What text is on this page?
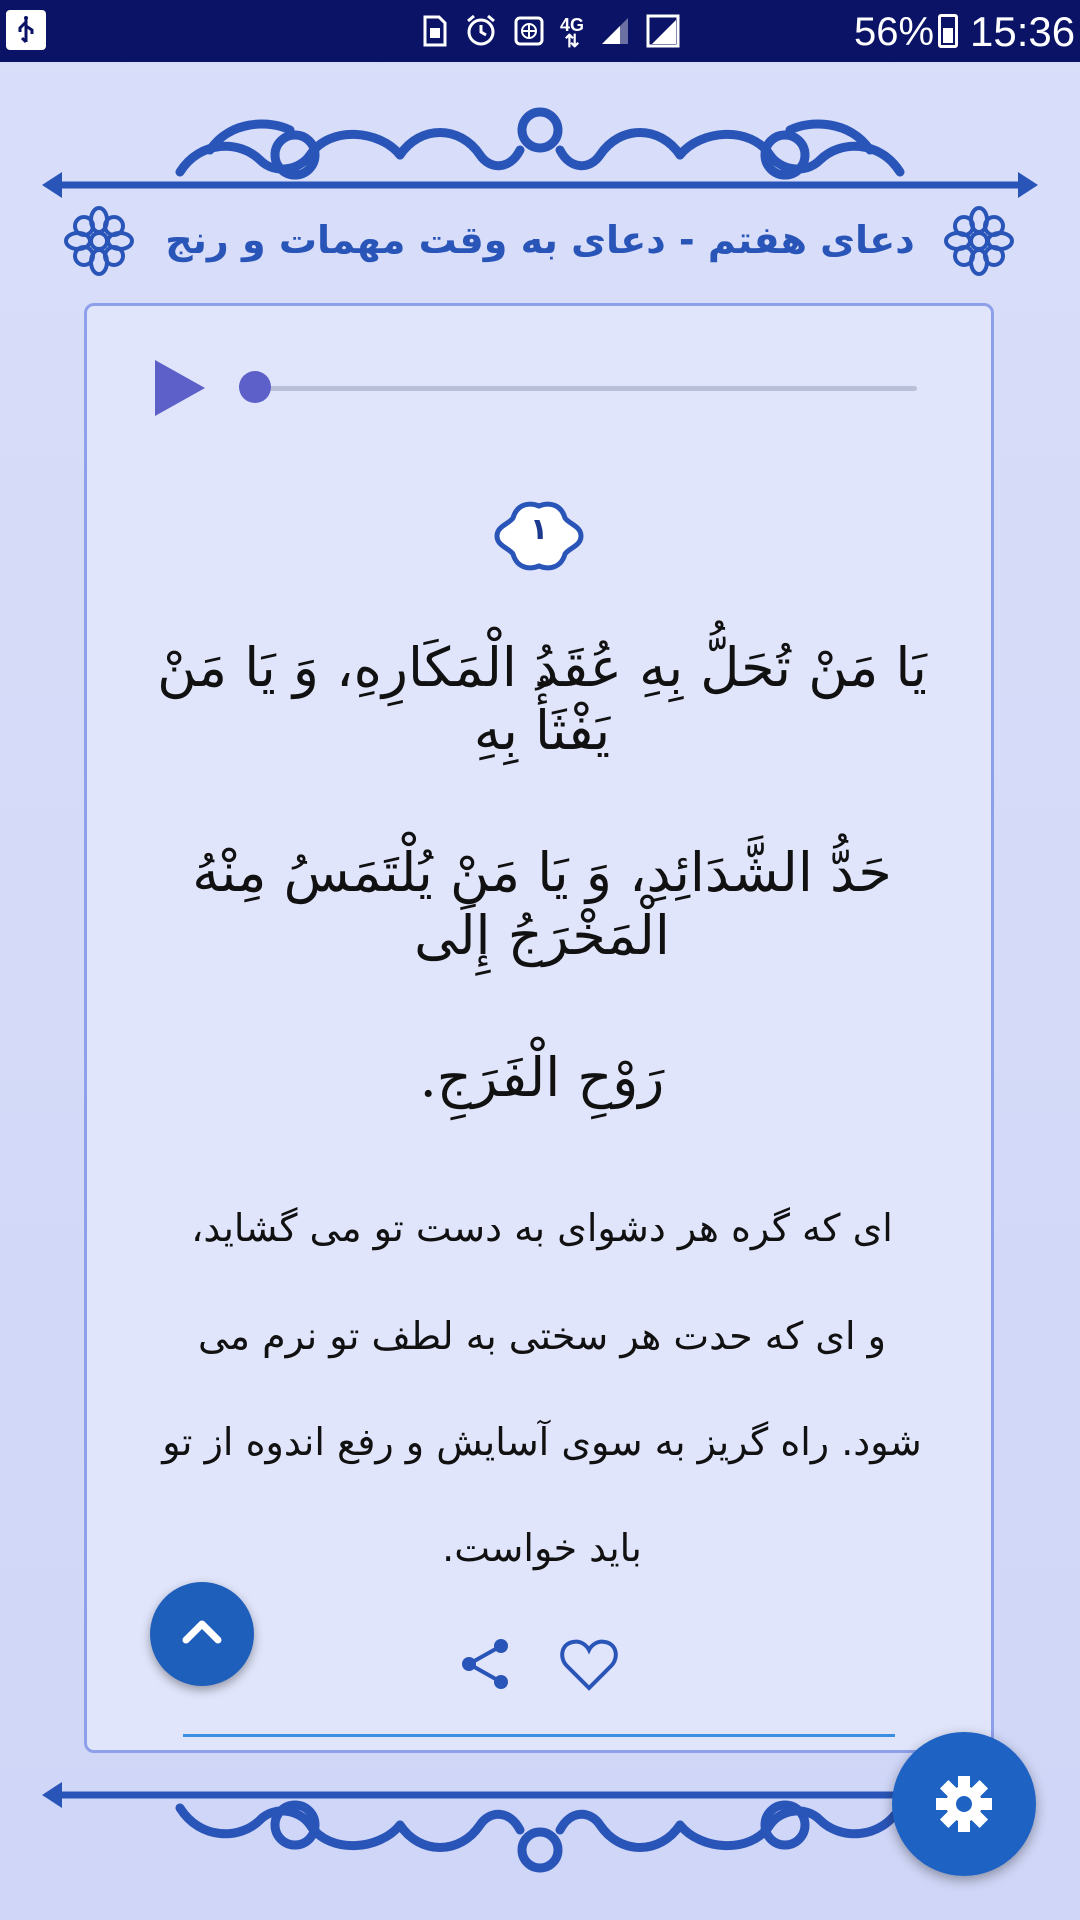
4G
⇅	56% 15:36
دعای هفتم - دعای به وقت مهمات و رنج
۱
يَا مَنْ تُحَلُّ بِهِ عُقَدُ الْمَكَارِهِ، وَ يَا مَنْ يَفْثَأُ بِهِ
حَدُّ الشَّدَائِدِ، وَ يَا مَنْ يُلْتَمَسُ مِنْهُ الْمَخْرَجُ إِلَى
رَوْحِ الْفَرَجِ.
ای که گره هر دشوای به دست تو می گشاید،
و ای که حدت هر سختی به لطف تو نرم می
شود. راه گریز به سوی آسایش و رفع اندوه از تو
باید خواست.
